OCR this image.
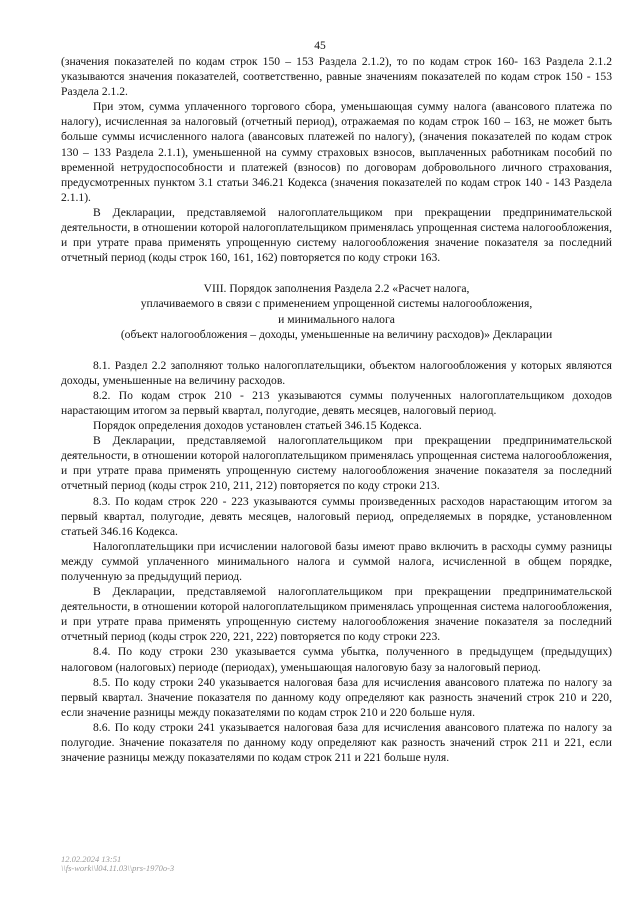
45

(значения показателей по кодам строк 150 – 153 Раздела 2.1.2), то по кодам строк 160- 163 Раздела 2.1.2 указываются значения показателей, соответственно, равные значениям показателей по кодам строк 150 - 153 Раздела 2.1.2.

При этом, сумма уплаченного торгового сбора, уменьшающая сумму налога (авансового платежа по налогу), исчисленная за налоговый (отчетный период), отражаемая по кодам строк 160 – 163, не может быть больше суммы исчисленного налога (авансовых платежей по налогу), (значения показателей по кодам строк 130 – 133 Раздела 2.1.1), уменьшенной на сумму страховых взносов, выплаченных работникам пособий по временной нетрудоспособности и платежей (взносов) по договорам добровольного личного страхования, предусмотренных пунктом 3.1 статьи 346.21 Кодекса (значения показателей по кодам строк 140 - 143 Раздела 2.1.1).

В Декларации, представляемой налогоплательщиком при прекращении предпринимательской деятельности, в отношении которой налогоплательщиком применялась упрощенная система налогообложения, и при утрате права применять упрощенную систему налогообложения значение показателя за последний отчетный период (коды строк 160, 161, 162) повторяется по коду строки 163.

VIII. Порядок заполнения Раздела 2.2 «Расчет налога,
уплачиваемого в связи с применением упрощенной системы налогообложения,
и минимального налога
(объект налогообложения – доходы, уменьшенные на величину расходов)» Декларации

8.1. Раздел 2.2 заполняют только налогоплательщики, объектом налогообложения у которых являются доходы, уменьшенные на величину расходов.

8.2. По кодам строк 210 - 213 указываются суммы полученных налогоплательщиком доходов нарастающим итогом за первый квартал, полугодие, девять месяцев, налоговый период.

Порядок определения доходов установлен статьей 346.15 Кодекса.

В Декларации, представляемой налогоплательщиком при прекращении предпринимательской деятельности, в отношении которой налогоплательщиком применялась упрощенная система налогообложения, и при утрате права применять упрощенную систему налогообложения значение показателя за последний отчетный период (коды строк 210, 211, 212) повторяется по коду строки 213.

8.3. По кодам строк 220 - 223 указываются суммы произведенных расходов нарастающим итогом за первый квартал, полугодие, девять месяцев, налоговый период, определяемых в порядке, установленном статьей 346.16 Кодекса.

Налогоплательщики при исчислении налоговой базы имеют право включить в расходы сумму разницы между суммой уплаченного минимального налога и суммой налога, исчисленной в общем порядке, полученную за предыдущий период.

В Декларации, представляемой налогоплательщиком при прекращении предпринимательской деятельности, в отношении которой налогоплательщиком применялась упрощенная система налогообложения, и при утрате права применять упрощенную систему налогообложения значение показателя за последний отчетный период (коды строк 220, 221, 222) повторяется по коду строки 223.

8.4. По коду строки 230 указывается сумма убытка, полученного в предыдущем (предыдущих) налоговом (налоговых) периоде (периодах), уменьшающая налоговую базу за налоговый период.

8.5. По коду строки 240 указывается налоговая база для исчисления авансового платежа по налогу за первый квартал. Значение показателя по данному коду определяют как разность значений строк 210 и 220, если значение разницы между показателями по кодам строк 210 и 220 больше нуля.

8.6. По коду строки 241 указывается налоговая база для исчисления авансового платежа по налогу за полугодие. Значение показателя по данному коду определяют как разность значений строк 211 и 221, если значение разницы между показателями по кодам строк 211 и 221 больше нуля.

12.02.2024 13:51
\\fs-work\\l04.11.03\\prs-1970o-3
